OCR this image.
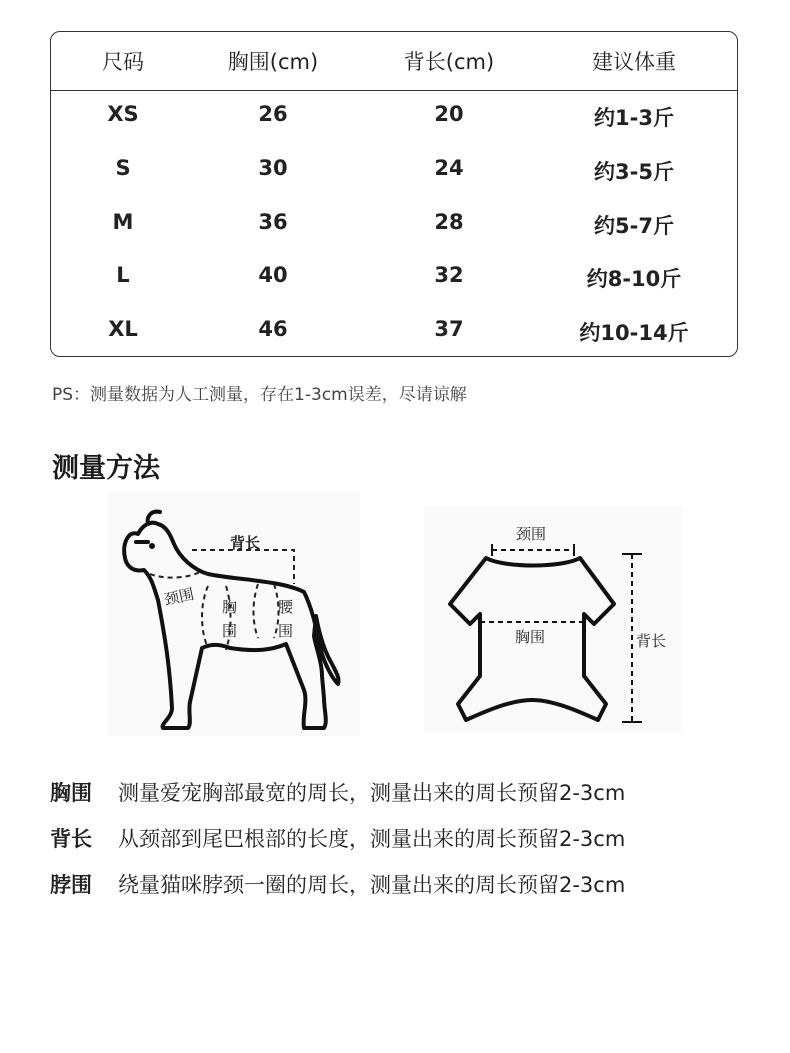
尺码	胸围(cm)	背长(cm)	建议体重
XS	26	20	约1-3斤
S	30	24	约3-5斤
M	36	28	约5-7斤
L	40	32	约8-10斤
XL	46	37	约10-14斤
PS：测量数据为人工测量，存在1-3cm误差，尽请谅解
测量方法
背长
颈围 胸
围
腰
围
颈围
胸围	背长
胸围 测量爱宠胸部最宽的周长，测量出来的周长预留2-3cm
背长 从颈部到尾巴根部的长度，测量出来的周长预留2-3cm
脖围 绕量猫咪脖颈一圈的周长，测量出来的周长预留2-3cm
